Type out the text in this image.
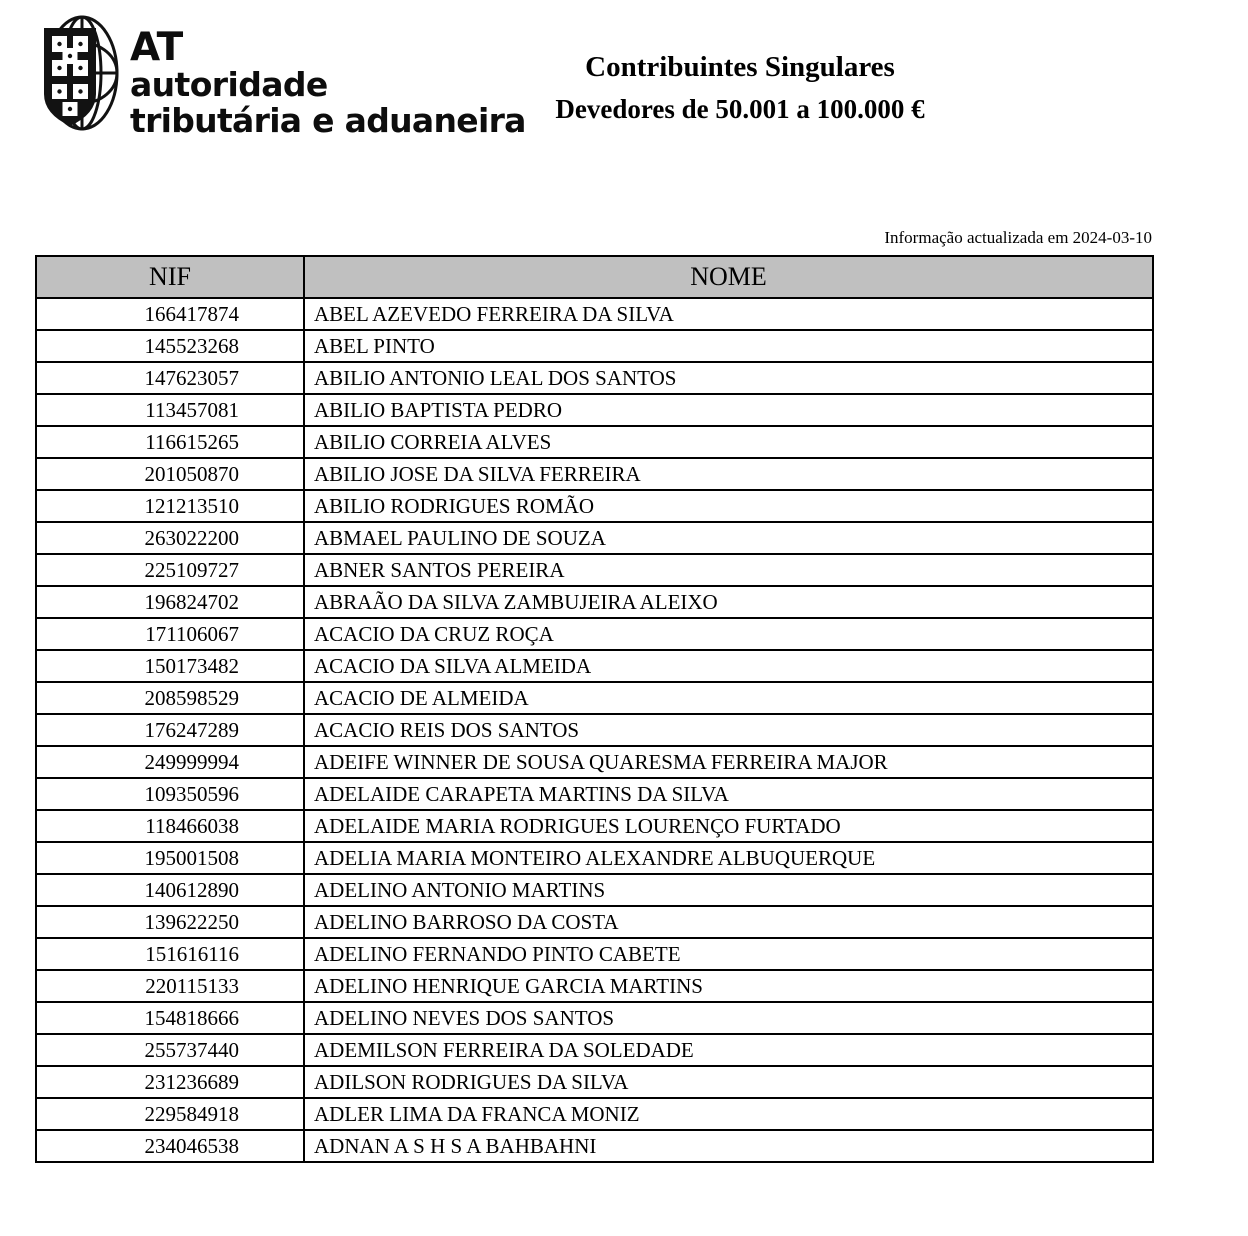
AT
autoridade
tributária e aduaneira
Contribuintes Singulares
Devedores de 50.001 a 100.000 €
Informação actualizada em 2024-03-10
NIF	NOME
166417874	ABEL AZEVEDO FERREIRA DA SILVA
145523268	ABEL PINTO
147623057	ABILIO ANTONIO LEAL DOS SANTOS
113457081	ABILIO BAPTISTA PEDRO
116615265	ABILIO CORREIA ALVES
201050870	ABILIO JOSE DA SILVA FERREIRA
121213510	ABILIO RODRIGUES ROMÃO
263022200	ABMAEL PAULINO DE SOUZA
225109727	ABNER SANTOS PEREIRA
196824702	ABRAÃO DA SILVA ZAMBUJEIRA ALEIXO
171106067	ACACIO DA CRUZ ROÇA
150173482	ACACIO DA SILVA ALMEIDA
208598529	ACACIO DE ALMEIDA
176247289	ACACIO REIS DOS SANTOS
249999994	ADEIFE WINNER DE SOUSA QUARESMA FERREIRA MAJOR
109350596	ADELAIDE CARAPETA MARTINS DA SILVA
118466038	ADELAIDE MARIA RODRIGUES LOURENÇO FURTADO
195001508	ADELIA MARIA MONTEIRO ALEXANDRE ALBUQUERQUE
140612890	ADELINO ANTONIO MARTINS
139622250	ADELINO BARROSO DA COSTA
151616116	ADELINO FERNANDO PINTO CABETE
220115133	ADELINO HENRIQUE GARCIA MARTINS
154818666	ADELINO NEVES DOS SANTOS
255737440	ADEMILSON FERREIRA DA SOLEDADE
231236689	ADILSON RODRIGUES DA SILVA
229584918	ADLER LIMA DA FRANCA MONIZ
234046538	ADNAN A S H S A BAHBAHNI
